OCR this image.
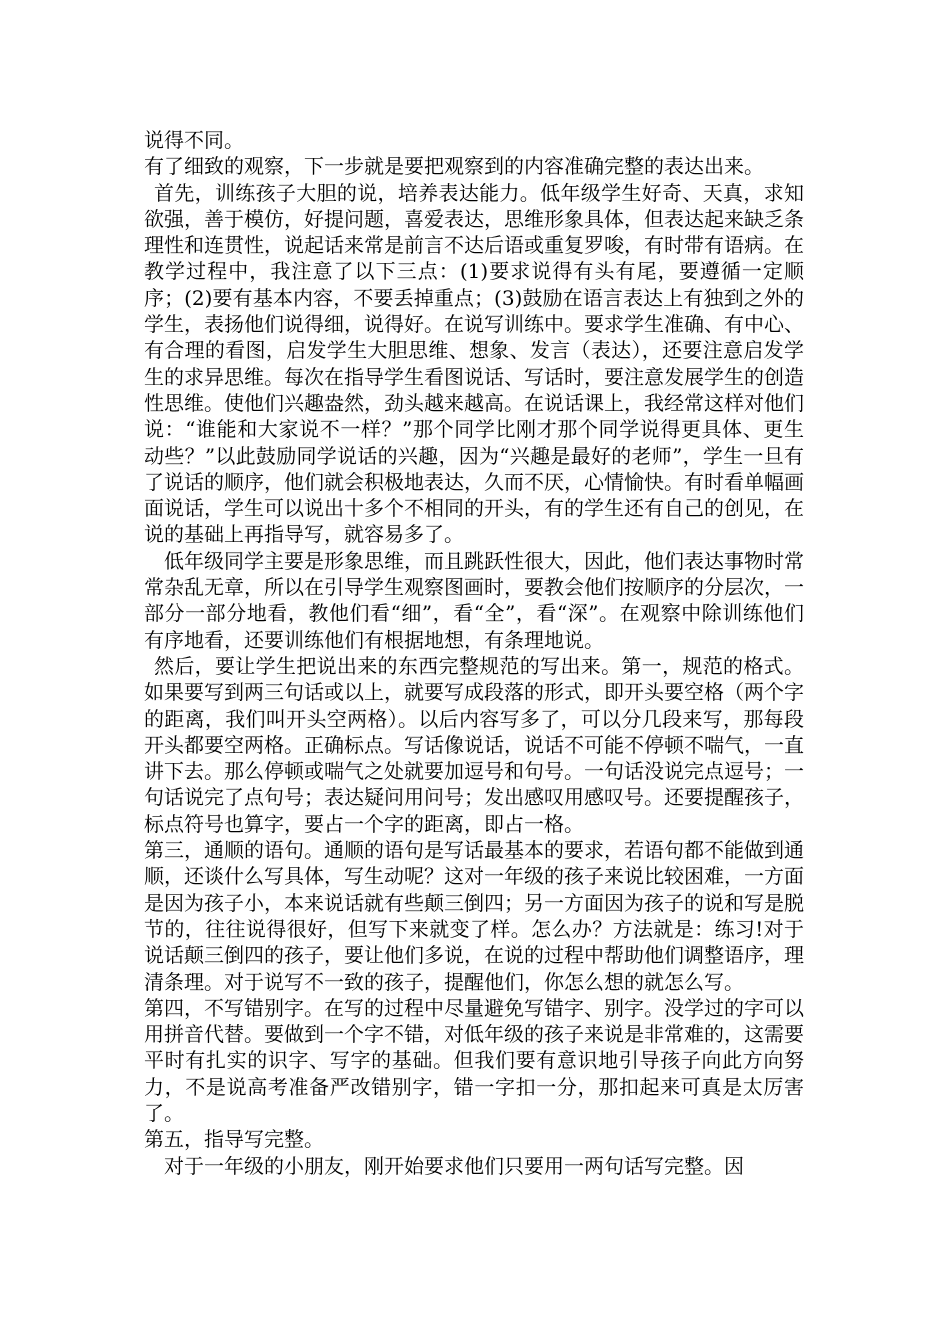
说得不同。

有了细致的观察，下一步就是要把观察到的内容准确完整的表达出来。

首先，训练孩子大胆的说，培养表达能力。低年级学生好奇、天真，求知欲强，善于模仿，好提问题，喜爱表达，思维形象具体，但表达起来缺乏条理性和连贯性，说起话来常是前言不达后语或重复罗唆，有时带有语病。在教学过程中，我注意了以下三点：(1)要求说得有头有尾，要遵循一定顺序；(2)要有基本内容，不要丢掉重点；(3)鼓励在语言表达上有独到之外的学生，表扬他们说得细，说得好。在说写训练中。要求学生准确、有中心、有合理的看图，启发学生大胆思维、想象、发言（表达），还要注意启发学生的求异思维。每次在指导学生看图说话、写话时，要注意发展学生的创造性思维。使他们兴趣盎然，劲头越来越高。在说话课上，我经常这样对他们说：“谁能和大家说不一样？”那个同学比刚才那个同学说得更具体、更生动些？”以此鼓励同学说话的兴趣，因为“兴趣是最好的老师”，学生一旦有了说话的顺序，他们就会积极地表达，久而不厌，心情愉快。有时看单幅画面说话，学生可以说出十多个不相同的开头，有的学生还有自己的创见，在说的基础上再指导写，就容易多了。

低年级同学主要是形象思维，而且跳跃性很大，因此，他们表达事物时常常杂乱无章，所以在引导学生观察图画时，要教会他们按顺序的分层次，一部分一部分地看，教他们看“细”，看“全”，看“深”。在观察中除训练他们有序地看，还要训练他们有根据地想，有条理地说。

然后，要让学生把说出来的东西完整规范的写出来。第一，规范的格式。如果要写到两三句话或以上，就要写成段落的形式，即开头要空格（两个字的距离，我们叫开头空两格）。以后内容写多了，可以分几段来写，那每段开头都要空两格。正确标点。写话像说话，说话不可能不停顿不喘气，一直讲下去。那么停顿或喘气之处就要加逗号和句号。一句话没说完点逗号；一句话说完了点句号；表达疑问用问号；发出感叹用感叹号。还要提醒孩子，标点符号也算字，要占一个字的距离，即占一格。

第三，通顺的语句。通顺的语句是写话最基本的要求，若语句都不能做到通顺，还谈什么写具体，写生动呢？这对一年级的孩子来说比较困难，一方面是因为孩子小，本来说话就有些颠三倒四；另一方面因为孩子的说和写是脱节的，往往说得很好，但写下来就变了样。怎么办？方法就是：练习!对于说话颠三倒四的孩子，要让他们多说，在说的过程中帮助他们调整语序，理清条理。对于说写不一致的孩子，提醒他们，你怎么想的就怎么写。

第四，不写错别字。在写的过程中尽量避免写错字、别字。没学过的字可以用拼音代替。要做到一个字不错，对低年级的孩子来说是非常难的，这需要平时有扎实的识字、写字的基础。但我们要有意识地引导孩子向此方向努力，不是说高考准备严改错别字，错一字扣一分，那扣起来可真是太厉害了。

第五，指导写完整。

对于一年级的小朋友，刚开始要求他们只要用一两句话写完整。因
